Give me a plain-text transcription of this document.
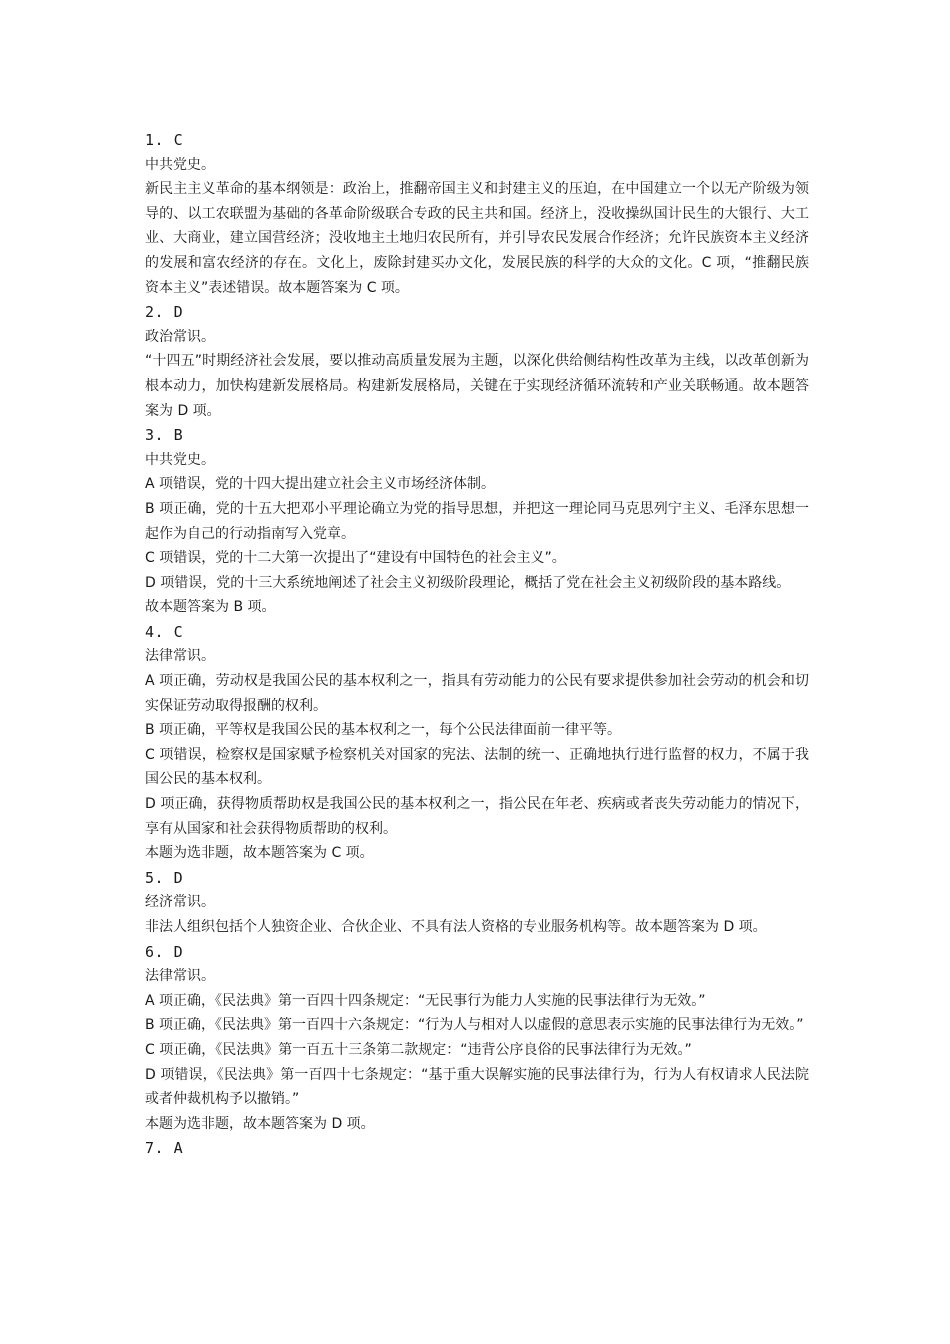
1. C
中共党史。
新民主主义革命的基本纲领是：政治上，推翻帝国主义和封建主义的压迫，在中国建立一个以无产阶级为领导的、以工农联盟为基础的各革命阶级联合专政的民主共和国。经济上，没收操纵国计民生的大银行、大工业、大商业，建立国营经济；没收地主土地归农民所有，并引导农民发展合作经济；允许民族资本主义经济的发展和富农经济的存在。文化上，废除封建买办文化，发展民族的科学的大众的文化。C 项，“推翻民族资本主义”表述错误。故本题答案为 C 项。
2. D
政治常识。
“十四五”时期经济社会发展，要以推动高质量发展为主题，以深化供给侧结构性改革为主线，以改革创新为根本动力，加快构建新发展格局。构建新发展格局，关键在于实现经济循环流转和产业关联畅通。故本题答案为 D 项。
3. B
中共党史。
A 项错误，党的十四大提出建立社会主义市场经济体制。
B 项正确，党的十五大把邓小平理论确立为党的指导思想，并把这一理论同马克思列宁主义、毛泽东思想一起作为自己的行动指南写入党章。
C 项错误，党的十二大第一次提出了“建设有中国特色的社会主义”。
D 项错误，党的十三大系统地阐述了社会主义初级阶段理论，概括了党在社会主义初级阶段的基本路线。
故本题答案为 B 项。
4. C
法律常识。
A 项正确，劳动权是我国公民的基本权利之一，指具有劳动能力的公民有要求提供参加社会劳动的机会和切实保证劳动取得报酬的权利。
B 项正确，平等权是我国公民的基本权利之一，每个公民法律面前一律平等。
C 项错误，检察权是国家赋予检察机关对国家的宪法、法制的统一、正确地执行进行监督的权力，不属于我国公民的基本权利。
D 项正确，获得物质帮助权是我国公民的基本权利之一，指公民在年老、疾病或者丧失劳动能力的情况下，享有从国家和社会获得物质帮助的权利。
本题为选非题，故本题答案为 C 项。
5. D
经济常识。
非法人组织包括个人独资企业、合伙企业、不具有法人资格的专业服务机构等。故本题答案为 D 项。
6. D
法律常识。
A 项正确，《民法典》第一百四十四条规定：“无民事行为能力人实施的民事法律行为无效。”
B 项正确，《民法典》第一百四十六条规定：“行为人与相对人以虚假的意思表示实施的民事法律行为无效。”
C 项正确，《民法典》第一百五十三条第二款规定：“违背公序良俗的民事法律行为无效。”
D 项错误，《民法典》第一百四十七条规定：“基于重大误解实施的民事法律行为，行为人有权请求人民法院或者仲裁机构予以撤销。”
本题为选非题，故本题答案为 D 项。
7. A
